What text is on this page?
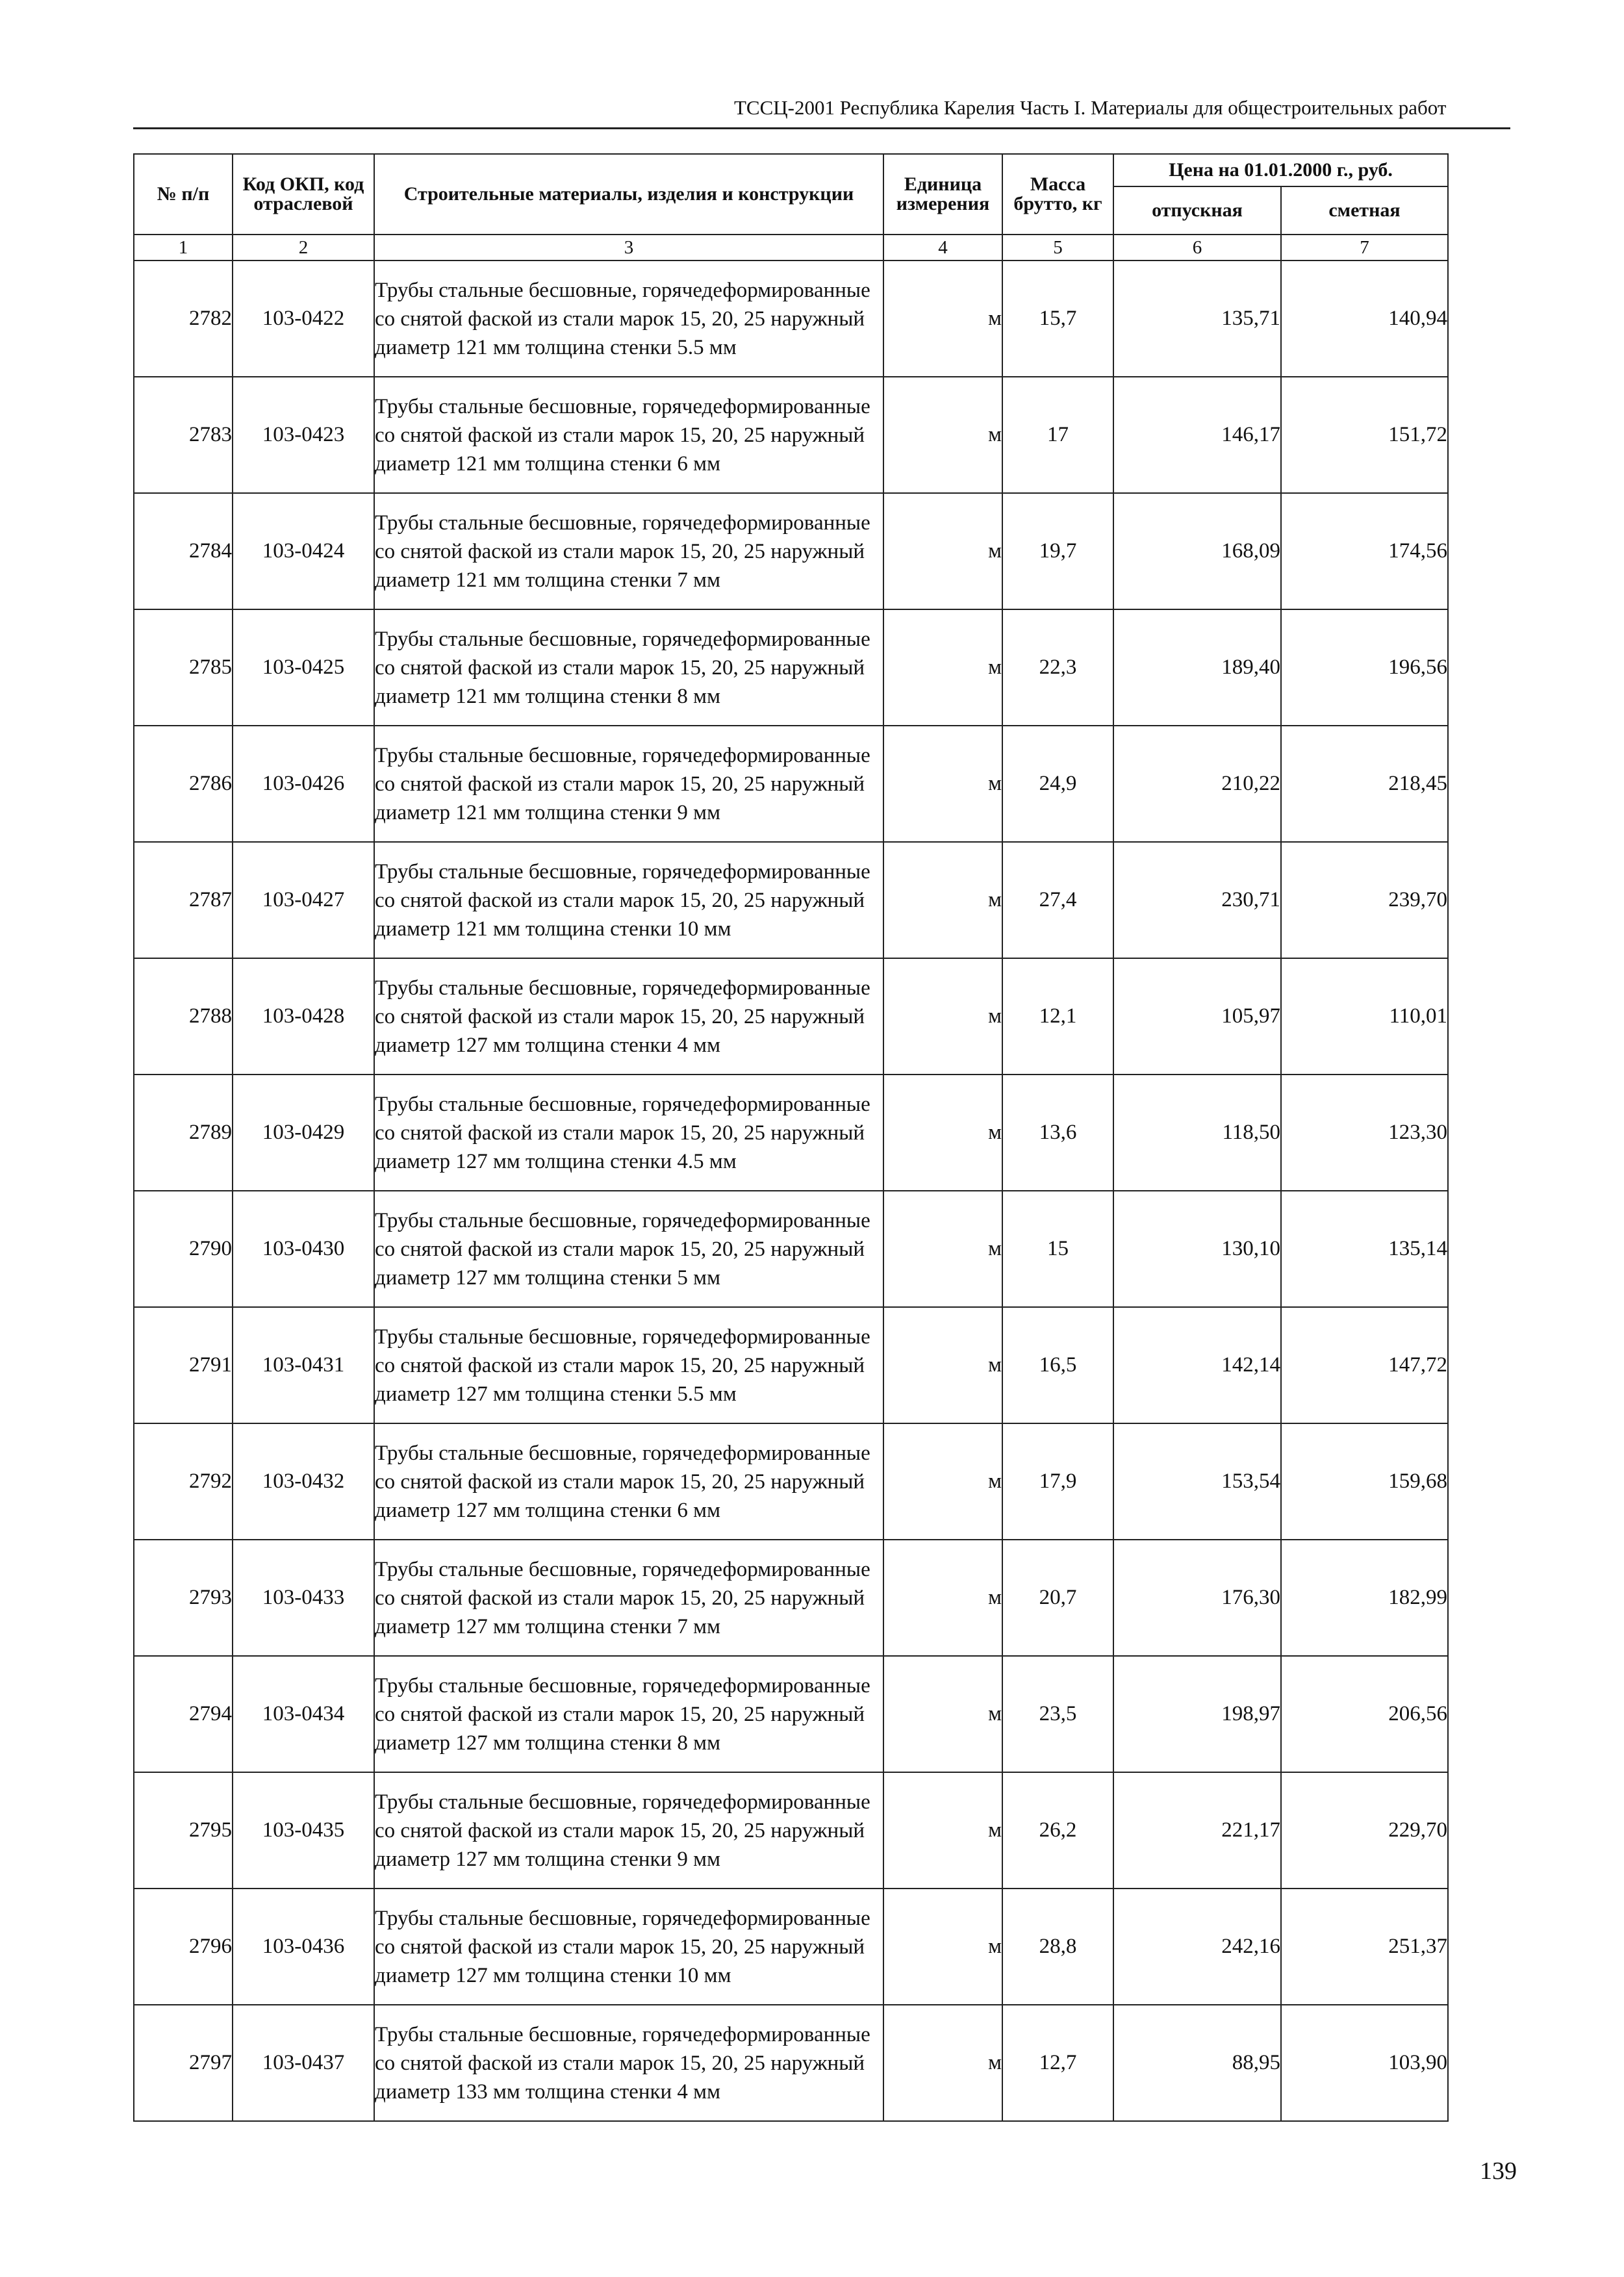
ТССЦ-2001 Республика Карелия Часть I. Материалы для общестроительных работ
№ п/п	Код ОКП, код отраслевой	Строительные материалы, изделия и конструкции	Единица измерения	Масса брутто, кг	Цена на 01.01.2000 г., руб.	
					отпускная	сметная
1	2	3	4	5	6	7
2782	103-0422	Трубы стальные бесшовные, горячедеформированные со снятой фаской из стали марок 15, 20, 25 наружный диаметр 121 мм толщина стенки 5.5 мм	м	15,7	135,71	140,94
2783	103-0423	Трубы стальные бесшовные, горячедеформированные со снятой фаской из стали марок 15, 20, 25 наружный диаметр 121 мм толщина стенки 6 мм	м	17	146,17	151,72
2784	103-0424	Трубы стальные бесшовные, горячедеформированные со снятой фаской из стали марок 15, 20, 25 наружный диаметр 121 мм толщина стенки 7 мм	м	19,7	168,09	174,56
2785	103-0425	Трубы стальные бесшовные, горячедеформированные со снятой фаской из стали марок 15, 20, 25 наружный диаметр 121 мм толщина стенки 8 мм	м	22,3	189,40	196,56
2786	103-0426	Трубы стальные бесшовные, горячедеформированные со снятой фаской из стали марок 15, 20, 25 наружный диаметр 121 мм толщина стенки 9 мм	м	24,9	210,22	218,45
2787	103-0427	Трубы стальные бесшовные, горячедеформированные со снятой фаской из стали марок 15, 20, 25 наружный диаметр 121 мм толщина стенки 10 мм	м	27,4	230,71	239,70
2788	103-0428	Трубы стальные бесшовные, горячедеформированные со снятой фаской из стали марок 15, 20, 25 наружный диаметр 127 мм толщина стенки 4 мм	м	12,1	105,97	110,01
2789	103-0429	Трубы стальные бесшовные, горячедеформированные со снятой фаской из стали марок 15, 20, 25 наружный диаметр 127 мм толщина стенки 4.5 мм	м	13,6	118,50	123,30
2790	103-0430	Трубы стальные бесшовные, горячедеформированные со снятой фаской из стали марок 15, 20, 25 наружный диаметр 127 мм толщина стенки 5 мм	м	15	130,10	135,14
2791	103-0431	Трубы стальные бесшовные, горячедеформированные со снятой фаской из стали марок 15, 20, 25 наружный диаметр 127 мм толщина стенки 5.5 мм	м	16,5	142,14	147,72
2792	103-0432	Трубы стальные бесшовные, горячедеформированные со снятой фаской из стали марок 15, 20, 25 наружный диаметр 127 мм толщина стенки 6 мм	м	17,9	153,54	159,68
2793	103-0433	Трубы стальные бесшовные, горячедеформированные со снятой фаской из стали марок 15, 20, 25 наружный диаметр 127 мм толщина стенки 7 мм	м	20,7	176,30	182,99
2794	103-0434	Трубы стальные бесшовные, горячедеформированные со снятой фаской из стали марок 15, 20, 25 наружный диаметр 127 мм толщина стенки 8 мм	м	23,5	198,97	206,56
2795	103-0435	Трубы стальные бесшовные, горячедеформированные со снятой фаской из стали марок 15, 20, 25 наружный диаметр 127 мм толщина стенки 9 мм	м	26,2	221,17	229,70
2796	103-0436	Трубы стальные бесшовные, горячедеформированные со снятой фаской из стали марок 15, 20, 25 наружный диаметр 127 мм толщина стенки 10 мм	м	28,8	242,16	251,37
2797	103-0437	Трубы стальные бесшовные, горячедеформированные со снятой фаской из стали марок 15, 20, 25 наружный диаметр 133 мм толщина стенки 4 мм	м	12,7	88,95	103,90
139
